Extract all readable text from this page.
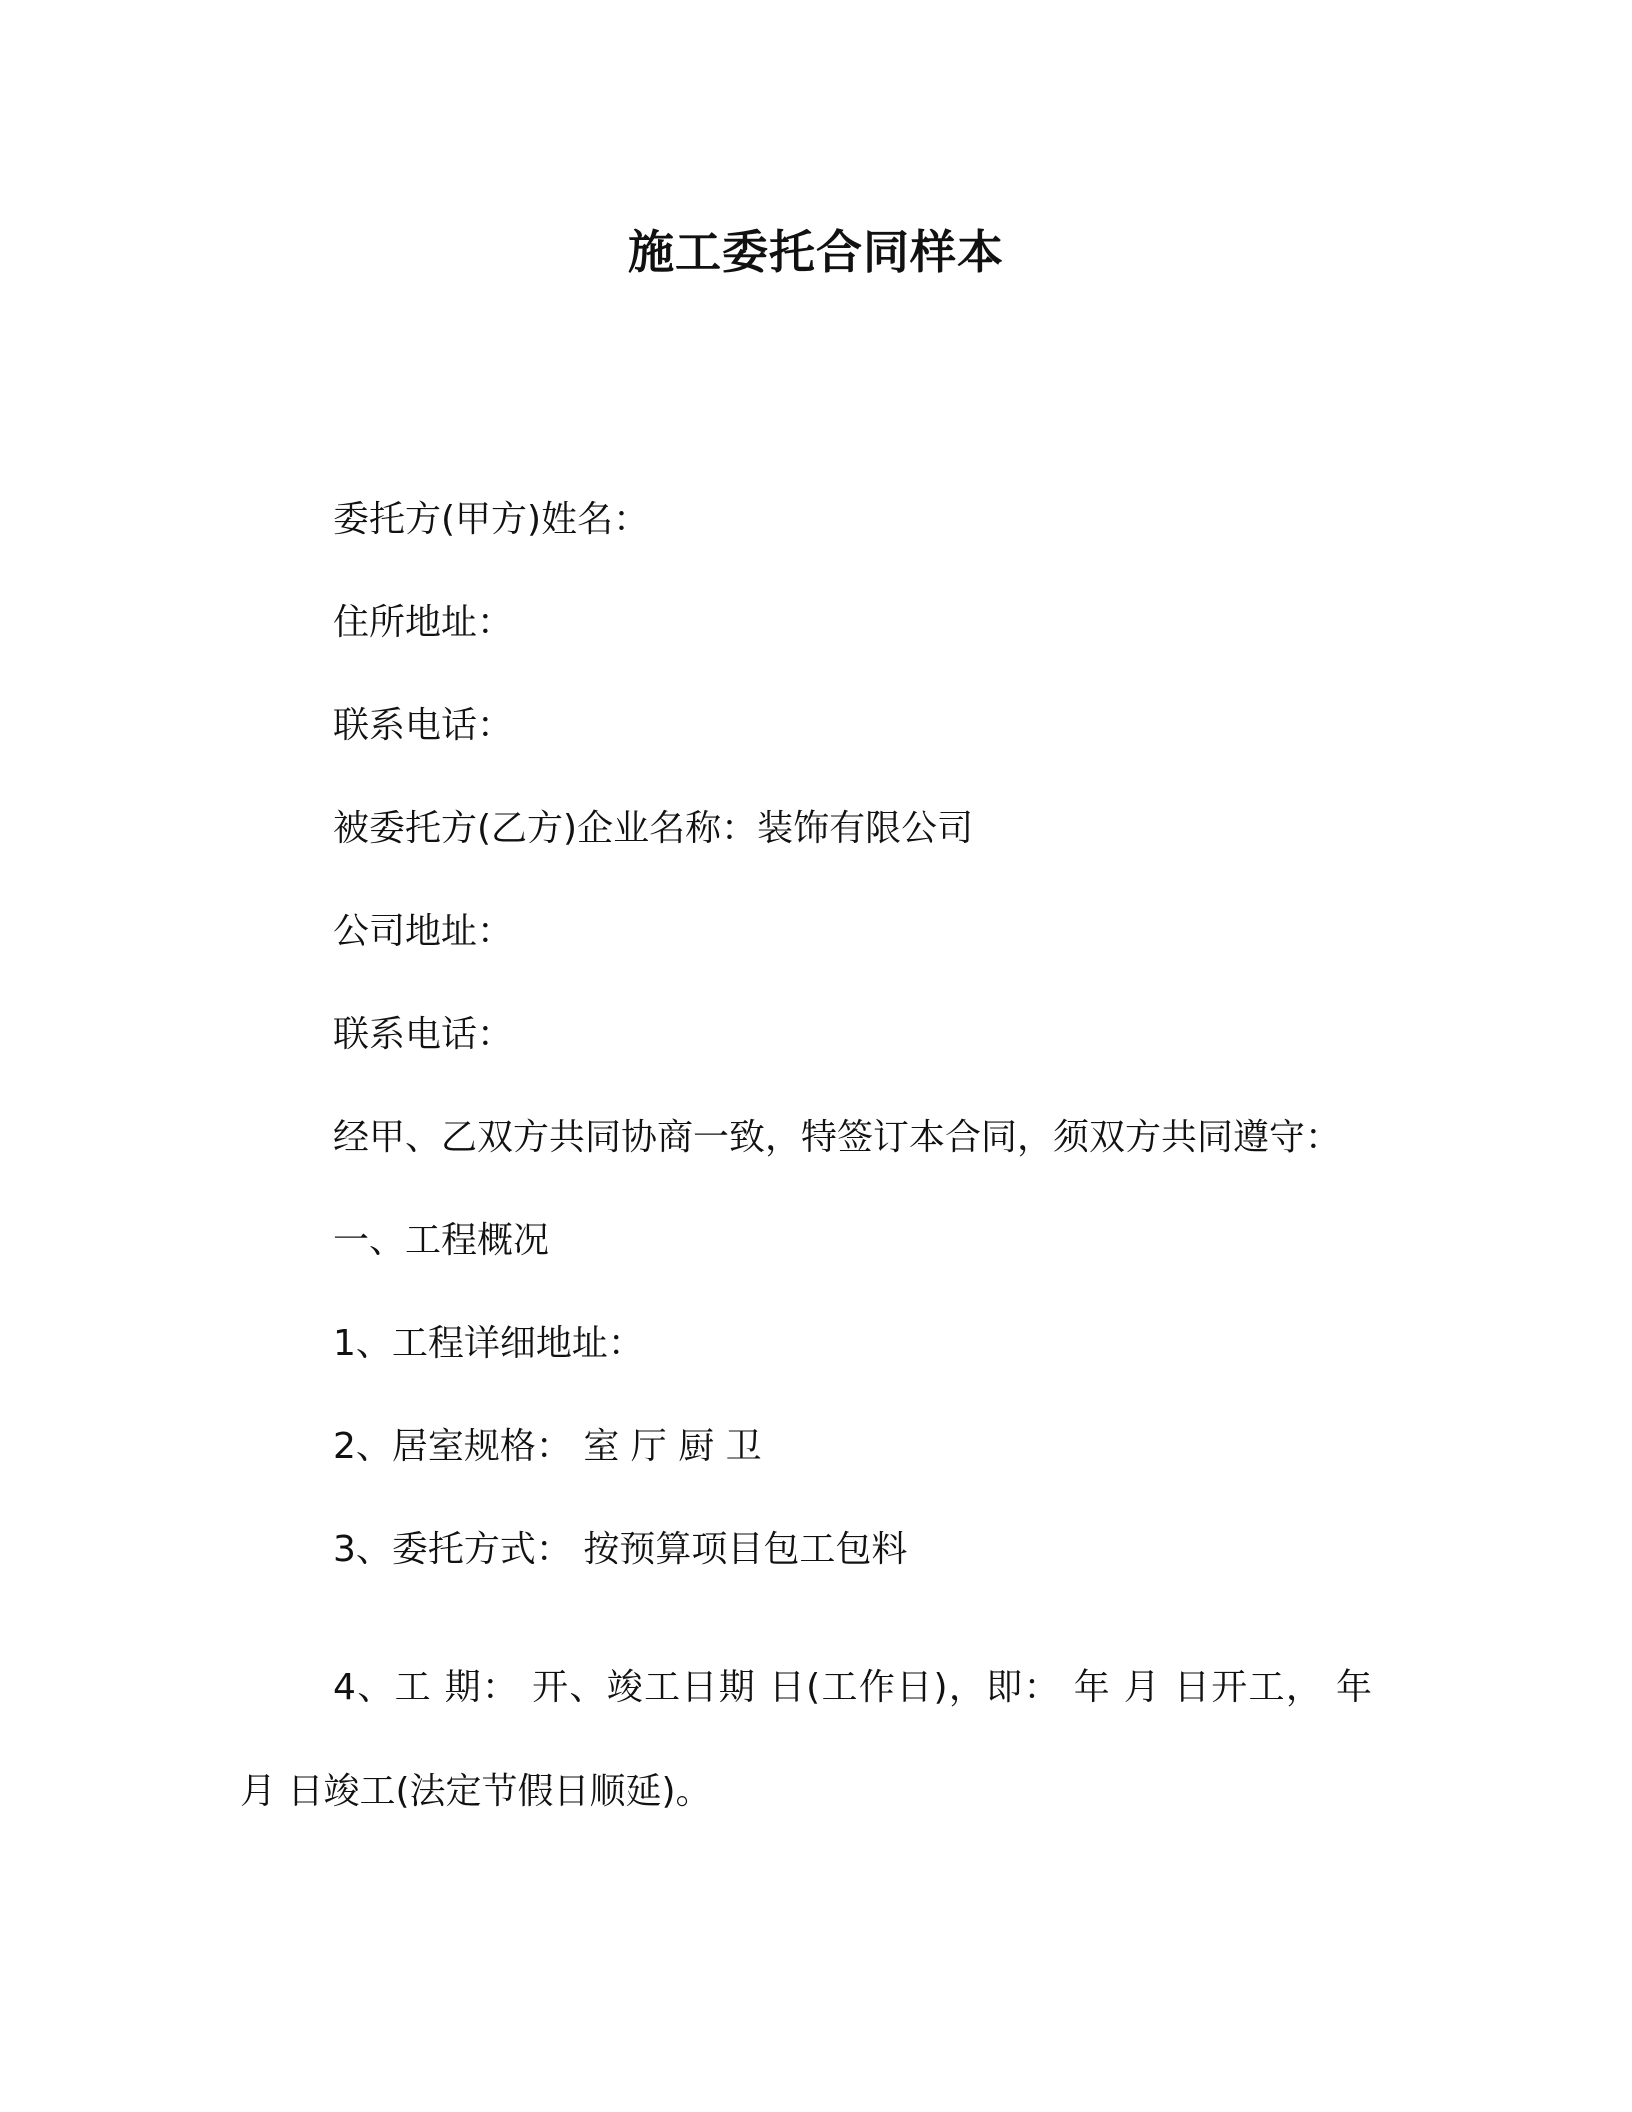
施工委托合同样本
委托方(甲方)姓名：
住所地址：
联系电话：
被委托方(乙方)企业名称：装饰有限公司
公司地址：
联系电话：
经甲、乙双方共同协商一致，特签订本合同，须双方共同遵守：
一、工程概况
1、工程详细地址：
2、居室规格： 室 厅 厨 卫
3、委托方式： 按预算项目包工包料
4、工 期： 开、竣工日期 日(工作日)，即： 年 月 日开工， 年 月 日竣工(法定节假日顺延)。
